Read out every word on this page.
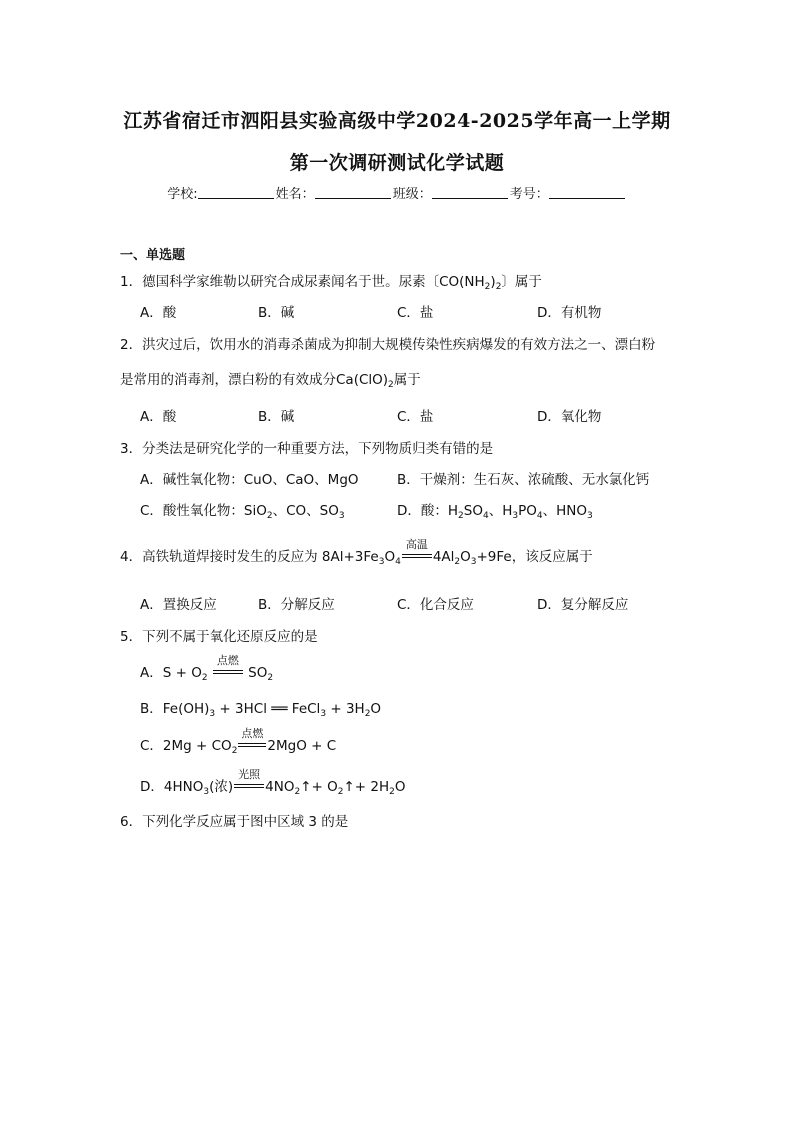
江苏省宿迁市泗阳县实验高级中学2024-2025学年高一上学期
第一次调研测试化学试题
学校:	姓名：	班级：	考号：
一、单选题
1．德国科学家维勒以研究合成尿素闻名于世。尿素〔$CO(NH_2)_2$〕属于
A．酸	B．碱	C．盐	D．有机物
2．洪灾过后，饮用水的消毒杀菌成为抑制大规模传染性疾病爆发的有效方法之一、漂白粉
是常用的消毒剂，漂白粉的有效成分$Ca(ClO)_2$属于
A．酸	B．碱	C．盐	D．氧化物
3．分类法是研究化学的一种重要方法，下列物质归类有错的是
A．碱性氧化物：CuO、CaO、MgO	B．干燥剂：生石灰、浓硫酸、无水氯化钙
C．酸性氧化物：SiO$_2$、CO、$SO_3$	D．酸：$H_2SO_4$、$H_3PO_4$、$HNO_3$
4．高铁轨道焊接时发生的反应为 $8Al+3Fe_3O_4$
高温
$4Al_2O_3+9Fe$，该反应属于
A．置换反应	B．分解反应	C．化合反应	D．复分解反应
5．下列不属于氧化还原反应的是
A．$S + O_2$
点燃
$SO_2$
B．$Fe(OH)_3 + 3HCl$ ══ FeCl$_3$ + $3H_2O$
C．$2Mg + CO_2$
点燃
2MgO + C
D．$4HNO_3$(浓)
光照
$4NO_2↑+$ $O_2↑+ 2H_2O$
6．下列化学反应属于图中区域 3 的是
